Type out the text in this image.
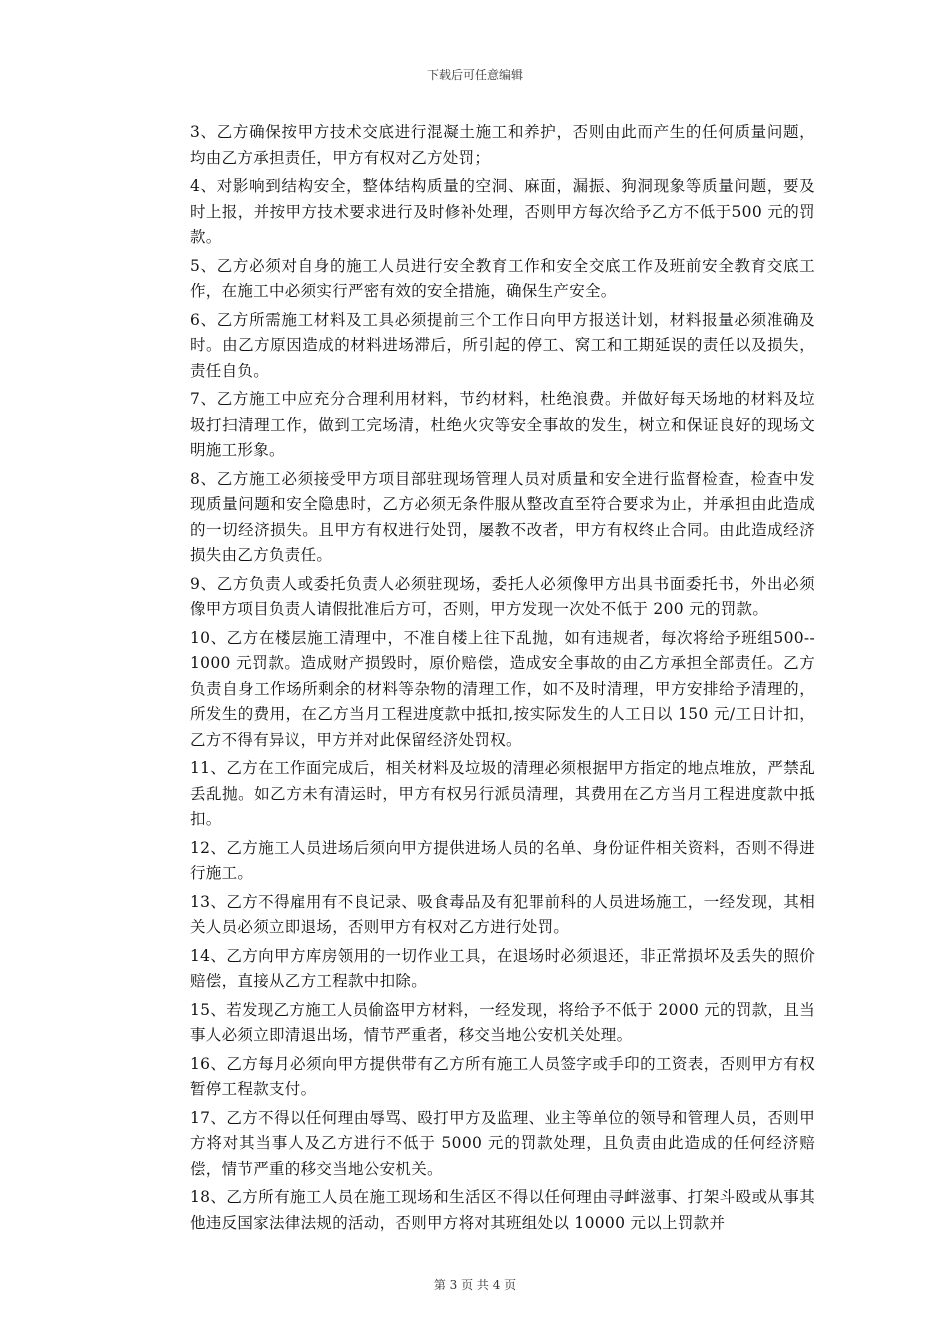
下载后可任意编辑

3、乙方确保按甲方技术交底进行混凝土施工和养护，否则由此而产生的任何质量问题，均由乙方承担责任，甲方有权对乙方处罚；

4、对影响到结构安全，整体结构质量的空洞、麻面，漏振、狗洞现象等质量问题，要及时上报，并按甲方技术要求进行及时修补处理，否则甲方每次给予乙方不低于500 元的罚款。

5、乙方必须对自身的施工人员进行安全教育工作和安全交底工作及班前安全教育交底工作，在施工中必须实行严密有效的安全措施，确保生产安全。

6、乙方所需施工材料及工具必须提前三个工作日向甲方报送计划，材料报量必须准确及时。由乙方原因造成的材料进场滞后，所引起的停工、窝工和工期延误的责任以及损失，责任自负。

7、乙方施工中应充分合理利用材料，节约材料，杜绝浪费。并做好每天场地的材料及垃圾打扫清理工作，做到工完场清，杜绝火灾等安全事故的发生，树立和保证良好的现场文明施工形象。

8、乙方施工必须接受甲方项目部驻现场管理人员对质量和安全进行监督检查，检查中发现质量问题和安全隐患时，乙方必须无条件服从整改直至符合要求为止，并承担由此造成的一切经济损失。且甲方有权进行处罚，屡教不改者，甲方有权终止合同。由此造成经济损失由乙方负责任。

9、乙方负责人或委托负责人必须驻现场，委托人必须像甲方出具书面委托书，外出必须像甲方项目负责人请假批准后方可，否则，甲方发现一次处不低于 200 元的罚款。

10、乙方在楼层施工清理中，不准自楼上往下乱抛，如有违规者，每次将给予班组500--1000 元罚款。造成财产损毁时，原价赔偿，造成安全事故的由乙方承担全部责任。乙方负责自身工作场所剩余的材料等杂物的清理工作，如不及时清理，甲方安排给予清理的，所发生的费用，在乙方当月工程进度款中抵扣,按实际发生的人工日以 150 元/工日计扣，乙方不得有异议，甲方并对此保留经济处罚权。

11、乙方在工作面完成后，相关材料及垃圾的清理必须根据甲方指定的地点堆放，严禁乱丢乱抛。如乙方未有清运时，甲方有权另行派员清理，其费用在乙方当月工程进度款中抵扣。

12、乙方施工人员进场后须向甲方提供进场人员的名单、身份证件相关资料，否则不得进行施工。

13、乙方不得雇用有不良记录、吸食毒品及有犯罪前科的人员进场施工，一经发现，其相关人员必须立即退场，否则甲方有权对乙方进行处罚。

14、乙方向甲方库房领用的一切作业工具，在退场时必须退还，非正常损坏及丢失的照价赔偿，直接从乙方工程款中扣除。

15、若发现乙方施工人员偷盗甲方材料，一经发现，将给予不低于 2000 元的罚款，且当事人必须立即清退出场，情节严重者，移交当地公安机关处理。

16、乙方每月必须向甲方提供带有乙方所有施工人员签字或手印的工资表，否则甲方有权暂停工程款支付。

17、乙方不得以任何理由辱骂、殴打甲方及监理、业主等单位的领导和管理人员，否则甲方将对其当事人及乙方进行不低于 5000 元的罚款处理，且负责由此造成的任何经济赔偿，情节严重的移交当地公安机关。

18、乙方所有施工人员在施工现场和生活区不得以任何理由寻衅滋事、打架斗殴或从事其他违反国家法律法规的活动，否则甲方将对其班组处以 10000 元以上罚款并

第 3 页 共 4 页
